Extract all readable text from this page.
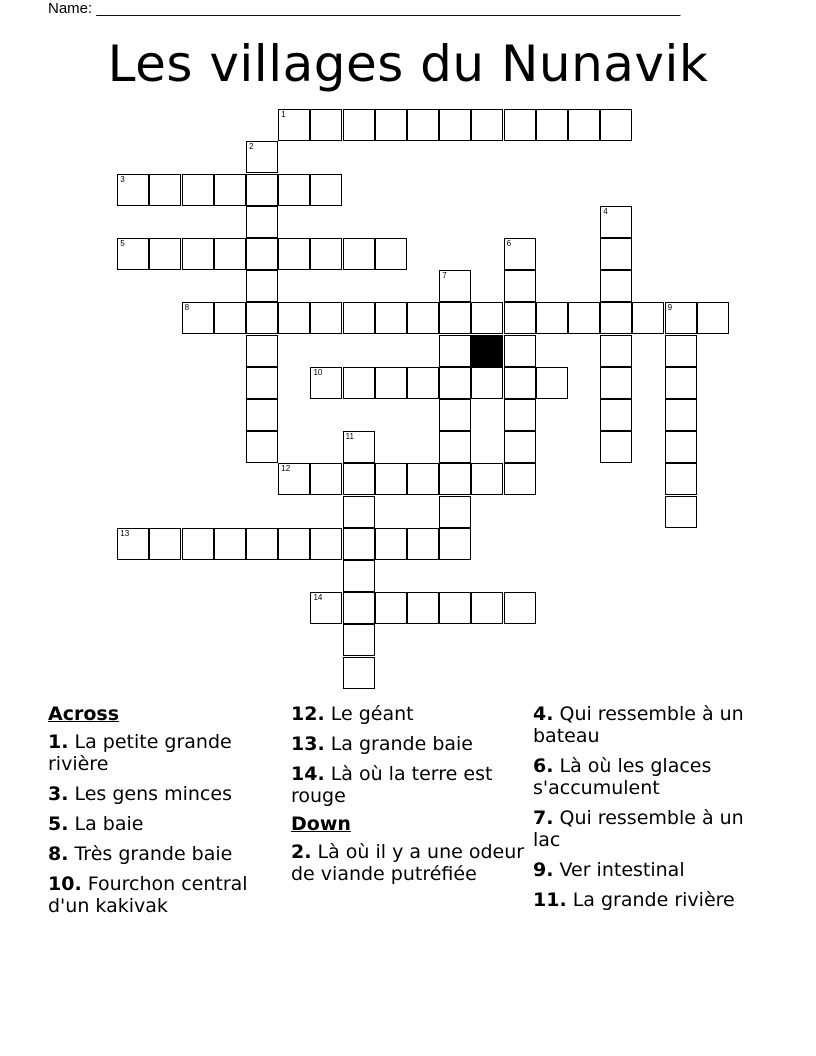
Name: ______________________________________________________________________
Les villages du Nunavik
1
2
3
4
5	6
7
8	9
10
11
12
13
14
Across
1. La petite grande rivière
3. Les gens minces
5. La baie
8. Très grande baie
10. Fourchon central d'un kakivak
12. Le géant
13. La grande baie
14. Là où la terre est rouge
Down
2. Là où il y a une odeur de viande putréfiée
4. Qui ressemble à un bateau
6. Là où les glaces s'accumulent
7. Qui ressemble à un lac
9. Ver intestinal
11. La grande rivière
